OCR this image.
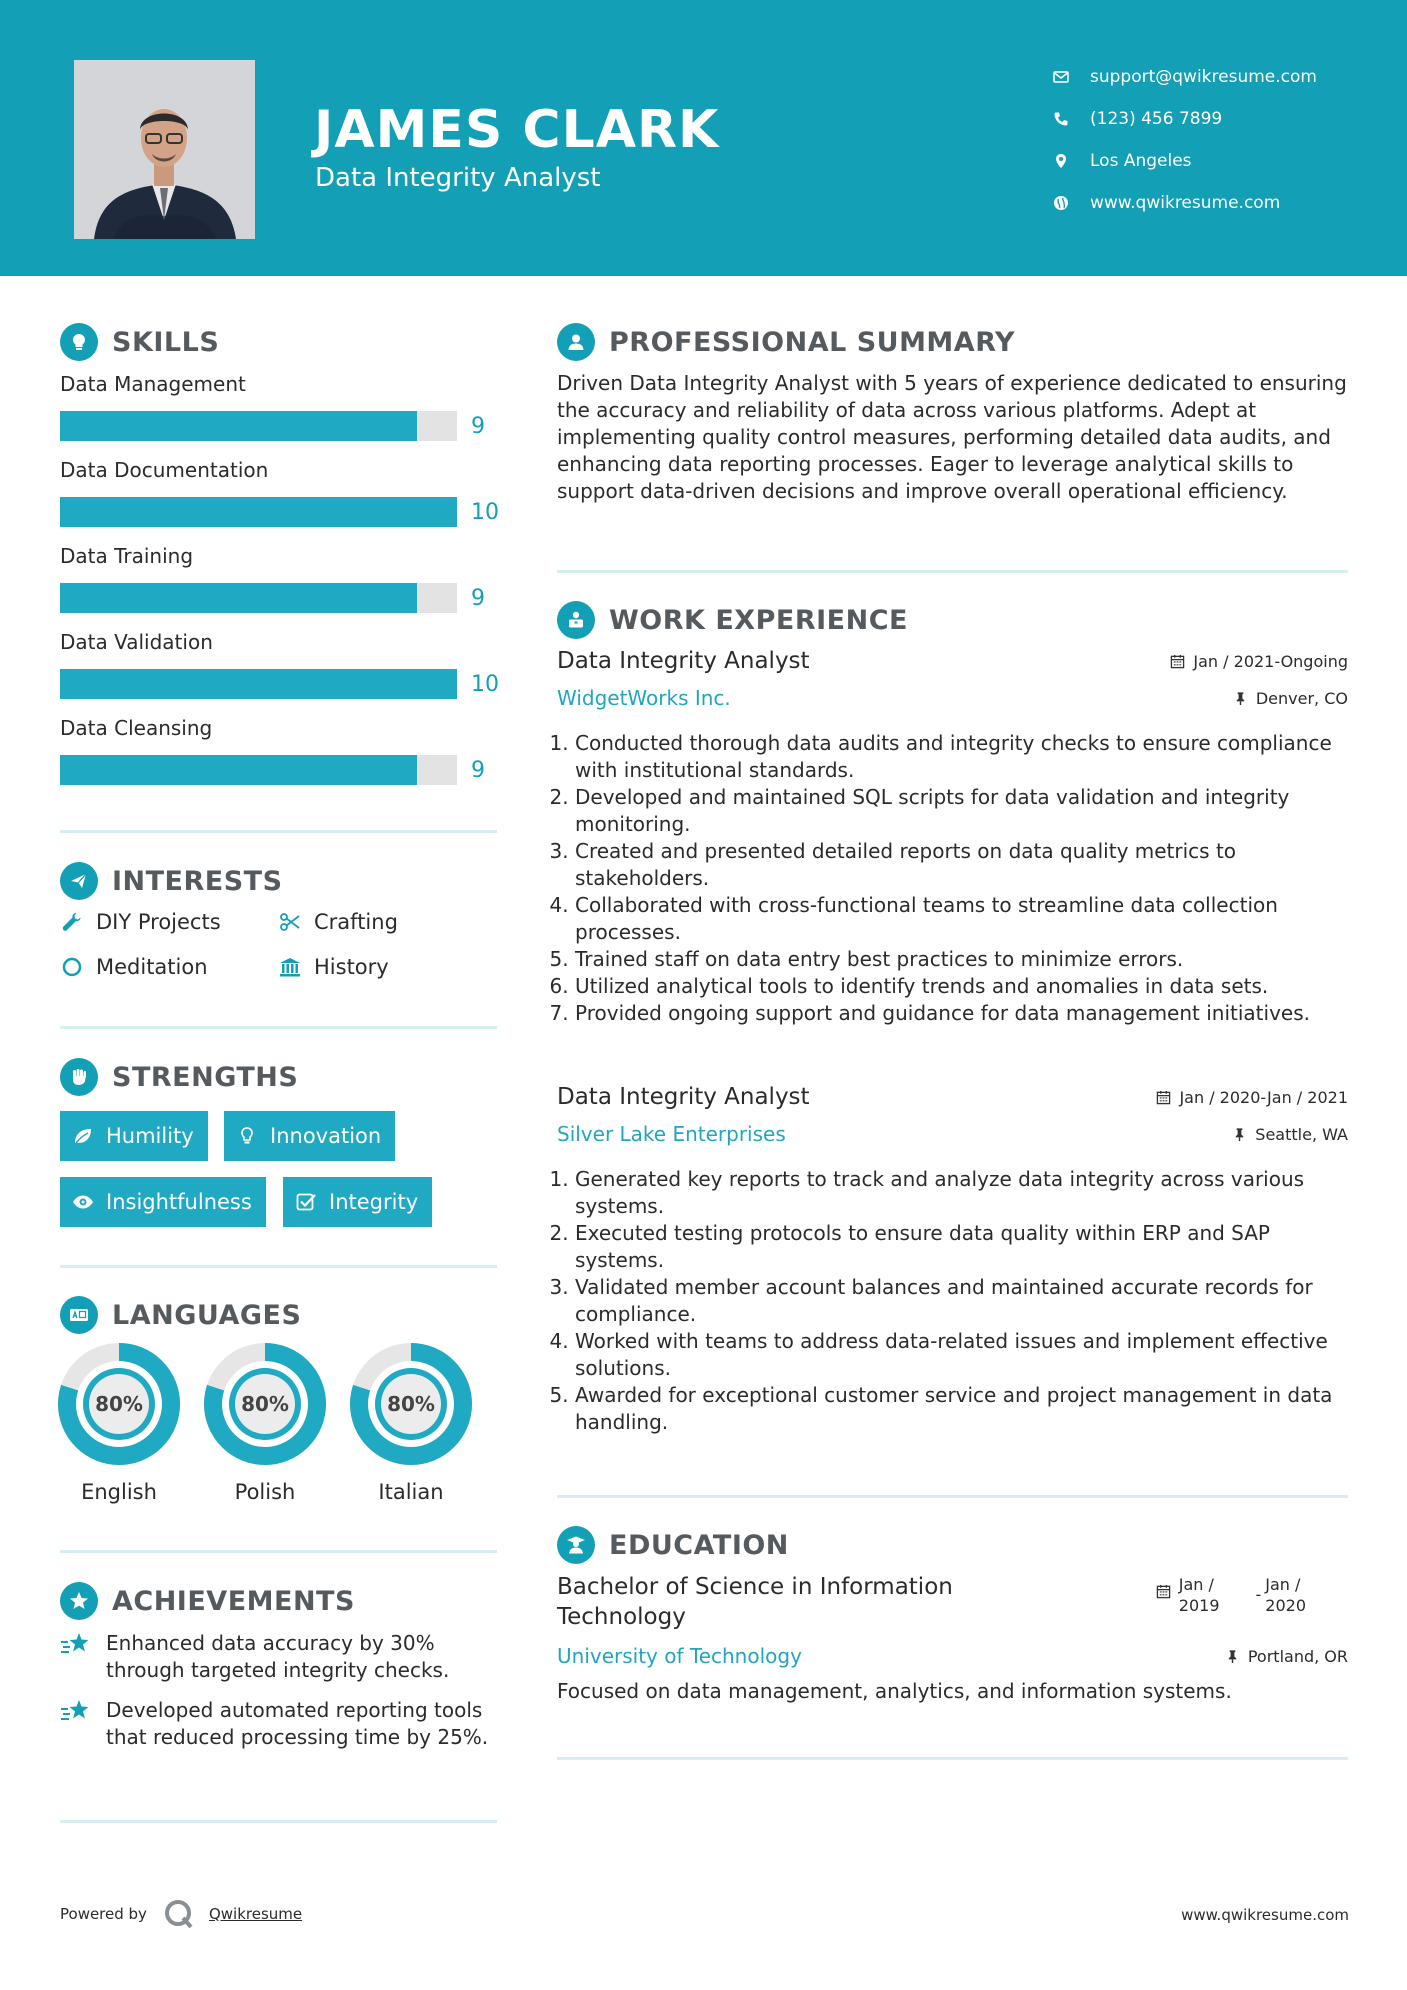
JAMES CLARK
Data Integrity Analyst
support@qwikresume.com
(123) 456 7899
Los Angeles
www.qwikresume.com
SKILLS
Data Management
9
Data Documentation
10
Data Training
9
Data Validation
10
Data Cleansing
9
INTERESTS
DIY Projects	Crafting
Meditation	History
STRENGTHS
Humility	Innovation
Insightfulness	Integrity
LANGUAGES
80%
English
80%
Polish
80%
Italian
ACHIEVEMENTS
Enhanced data accuracy by 30% through targeted integrity checks.
Developed automated reporting tools that reduced processing time by 25%.
PROFESSIONAL SUMMARY
Driven Data Integrity Analyst with 5 years of experience dedicated to ensuring the accuracy and reliability of data across various platforms. Adept at implementing quality control measures, performing detailed data audits, and enhancing data reporting processes. Eager to leverage analytical skills to support data-driven decisions and improve overall operational efficiency.
WORK EXPERIENCE
Data Integrity Analyst	Jan / 2021-Ongoing
WidgetWorks Inc.	Denver, CO
1. Conducted thorough data audits and integrity checks to ensure compliance with institutional standards.
2. Developed and maintained SQL scripts for data validation and integrity monitoring.
3. Created and presented detailed reports on data quality metrics to stakeholders.
4. Collaborated with cross-functional teams to streamline data collection processes.
5. Trained staff on data entry best practices to minimize errors.
6. Utilized analytical tools to identify trends and anomalies in data sets.
7. Provided ongoing support and guidance for data management initiatives.
Data Integrity Analyst	Jan / 2020-Jan / 2021
Silver Lake Enterprises	Seattle, WA
1. Generated key reports to track and analyze data integrity across various systems.
2. Executed testing protocols to ensure data quality within ERP and SAP systems.
3. Validated member account balances and maintained accurate records for compliance.
4. Worked with teams to address data-related issues and implement effective solutions.
5. Awarded for exceptional customer service and project management in data handling.
EDUCATION
Bachelor of Science in Information
Technology
Jan /
2019
-
Jan /
2020
University of Technology	Portland, OR
Focused on data management, analytics, and information systems.
Powered by	Qwikresume	www.qwikresume.com
